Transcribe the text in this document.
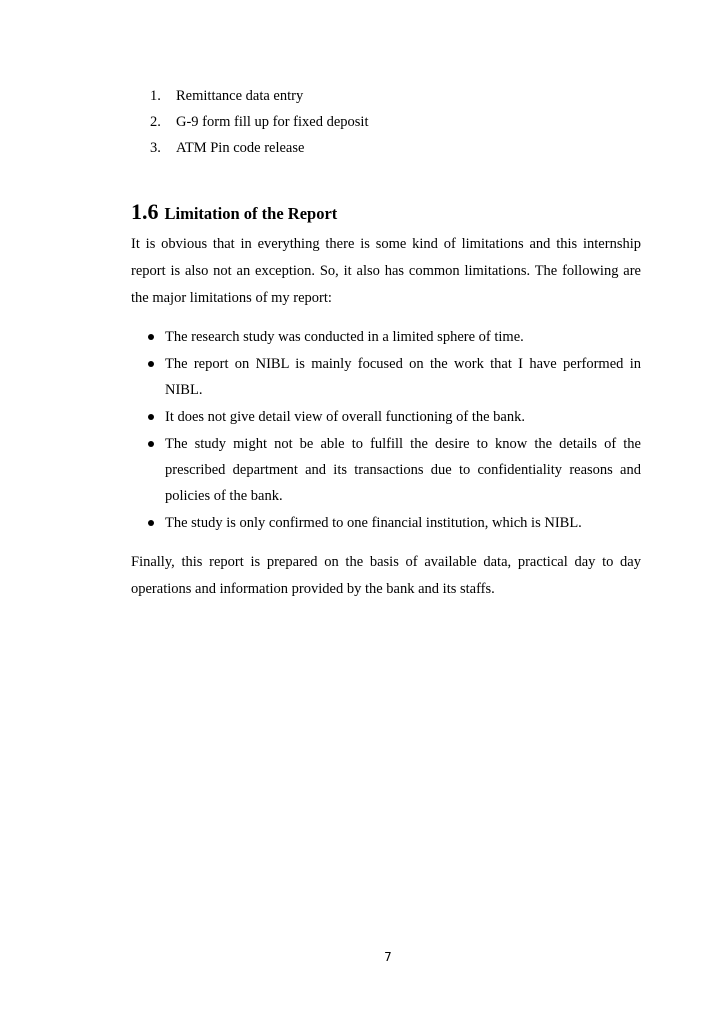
1. Remittance data entry
2. G-9 form fill up for fixed deposit
3. ATM Pin code release
1.6 Limitation of the Report

It is obvious that in everything there is some kind of limitations and this internship report is also not an exception. So, it also has common limitations. The following are the major limitations of my report:

The research study was conducted in a limited sphere of time.
The report on NIBL is mainly focused on the work that I have performed in NIBL.
It does not give detail view of overall functioning of the bank.
The study might not be able to fulfill the desire to know the details of the prescribed department and its transactions due to confidentiality reasons and policies of the bank.
The study is only confirmed to one financial institution, which is NIBL.

Finally, this report is prepared on the basis of available data, practical day to day operations and information provided by the bank and its staffs.

7
